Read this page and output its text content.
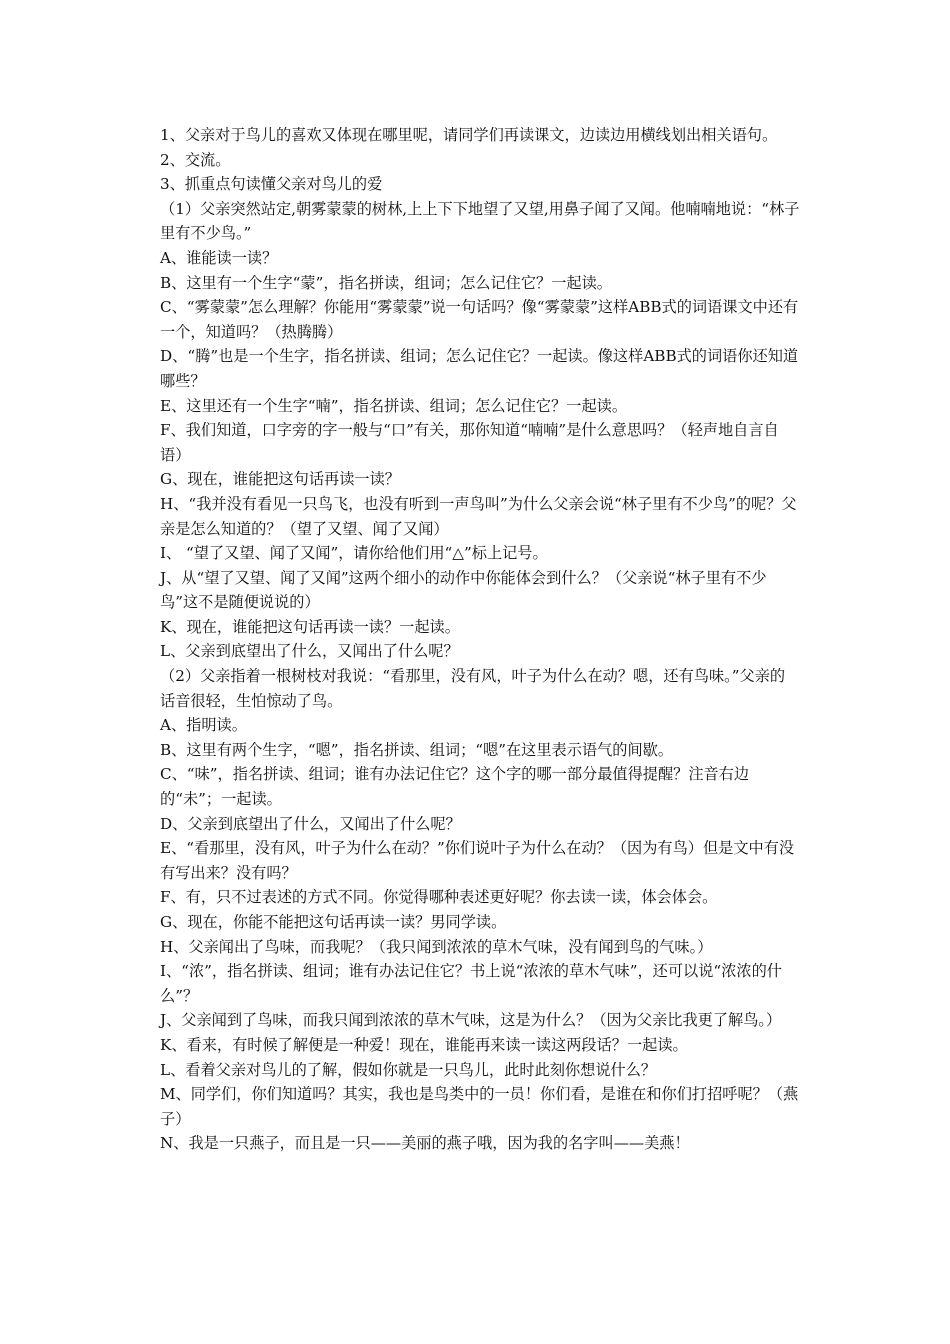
1、父亲对于鸟儿的喜欢又体现在哪里呢，请同学们再读课文，边读边用横线划出相关语句。

2、交流。

3、抓重点句读懂父亲对鸟儿的爱

（1）父亲突然站定,朝雾蒙蒙的树林,上上下下地望了又望,用鼻子闻了又闻。他喃喃地说：“林子里有不少鸟。”

A、谁能读一读？

B、这里有一个生字“蒙”，指名拼读，组词；怎么记住它？一起读。

C、“雾蒙蒙”怎么理解？你能用“雾蒙蒙”说一句话吗？像“雾蒙蒙”这样ABB式的词语课文中还有一个，知道吗？（热腾腾）

D、“腾”也是一个生字，指名拼读、组词；怎么记住它？一起读。像这样ABB式的词语你还知道哪些？

E、这里还有一个生字“喃”，指名拼读、组词；怎么记住它？一起读。

F、我们知道，口字旁的字一般与“口”有关，那你知道“喃喃”是什么意思吗？（轻声地自言自语）

G、现在，谁能把这句话再读一读？

H、“我并没有看见一只鸟飞，也没有听到一声鸟叫”为什么父亲会说“林子里有不少鸟”的呢？父亲是怎么知道的？（望了又望、闻了又闻）

I、 “望了又望、闻了又闻”，请你给他们用“△”标上记号。

J、从“望了又望、闻了又闻”这两个细小的动作中你能体会到什么？（父亲说“林子里有不少鸟”这不是随便说说的）

K、现在，谁能把这句话再读一读？一起读。

L、父亲到底望出了什么，又闻出了什么呢？

（2）父亲指着一根树枝对我说：“看那里，没有风，叶子为什么在动？嗯，还有鸟味。”父亲的话音很轻，生怕惊动了鸟。

A、指明读。

B、这里有两个生字，“嗯”，指名拼读、组词；“嗯”在这里表示语气的间歇。

C、“味”，指名拼读、组词；谁有办法记住它？这个字的哪一部分最值得提醒？注音右边的“未”；一起读。

D、父亲到底望出了什么，又闻出了什么呢？

E、“看那里，没有风，叶子为什么在动？”你们说叶子为什么在动？（因为有鸟）但是文中有没有写出来？没有吗？

F、有，只不过表述的方式不同。你觉得哪种表述更好呢？你去读一读，体会体会。

G、现在，你能不能把这句话再读一读？男同学读。

H、父亲闻出了鸟味，而我呢？（我只闻到浓浓的草木气味，没有闻到鸟的气味。）

I、“浓”，指名拼读、组词；谁有办法记住它？书上说“浓浓的草木气味”，还可以说“浓浓的什么”？

J、父亲闻到了鸟味，而我只闻到浓浓的草木气味，这是为什么？（因为父亲比我更了解鸟。）

K、看来，有时候了解便是一种爱！现在，谁能再来读一读这两段话？一起读。

L、看着父亲对鸟儿的了解，假如你就是一只鸟儿，此时此刻你想说什么？

M、同学们，你们知道吗？其实，我也是鸟类中的一员！你们看，是谁在和你们打招呼呢？（燕子）

N、我是一只燕子，而且是一只——美丽的燕子哦，因为我的名字叫——美燕！
